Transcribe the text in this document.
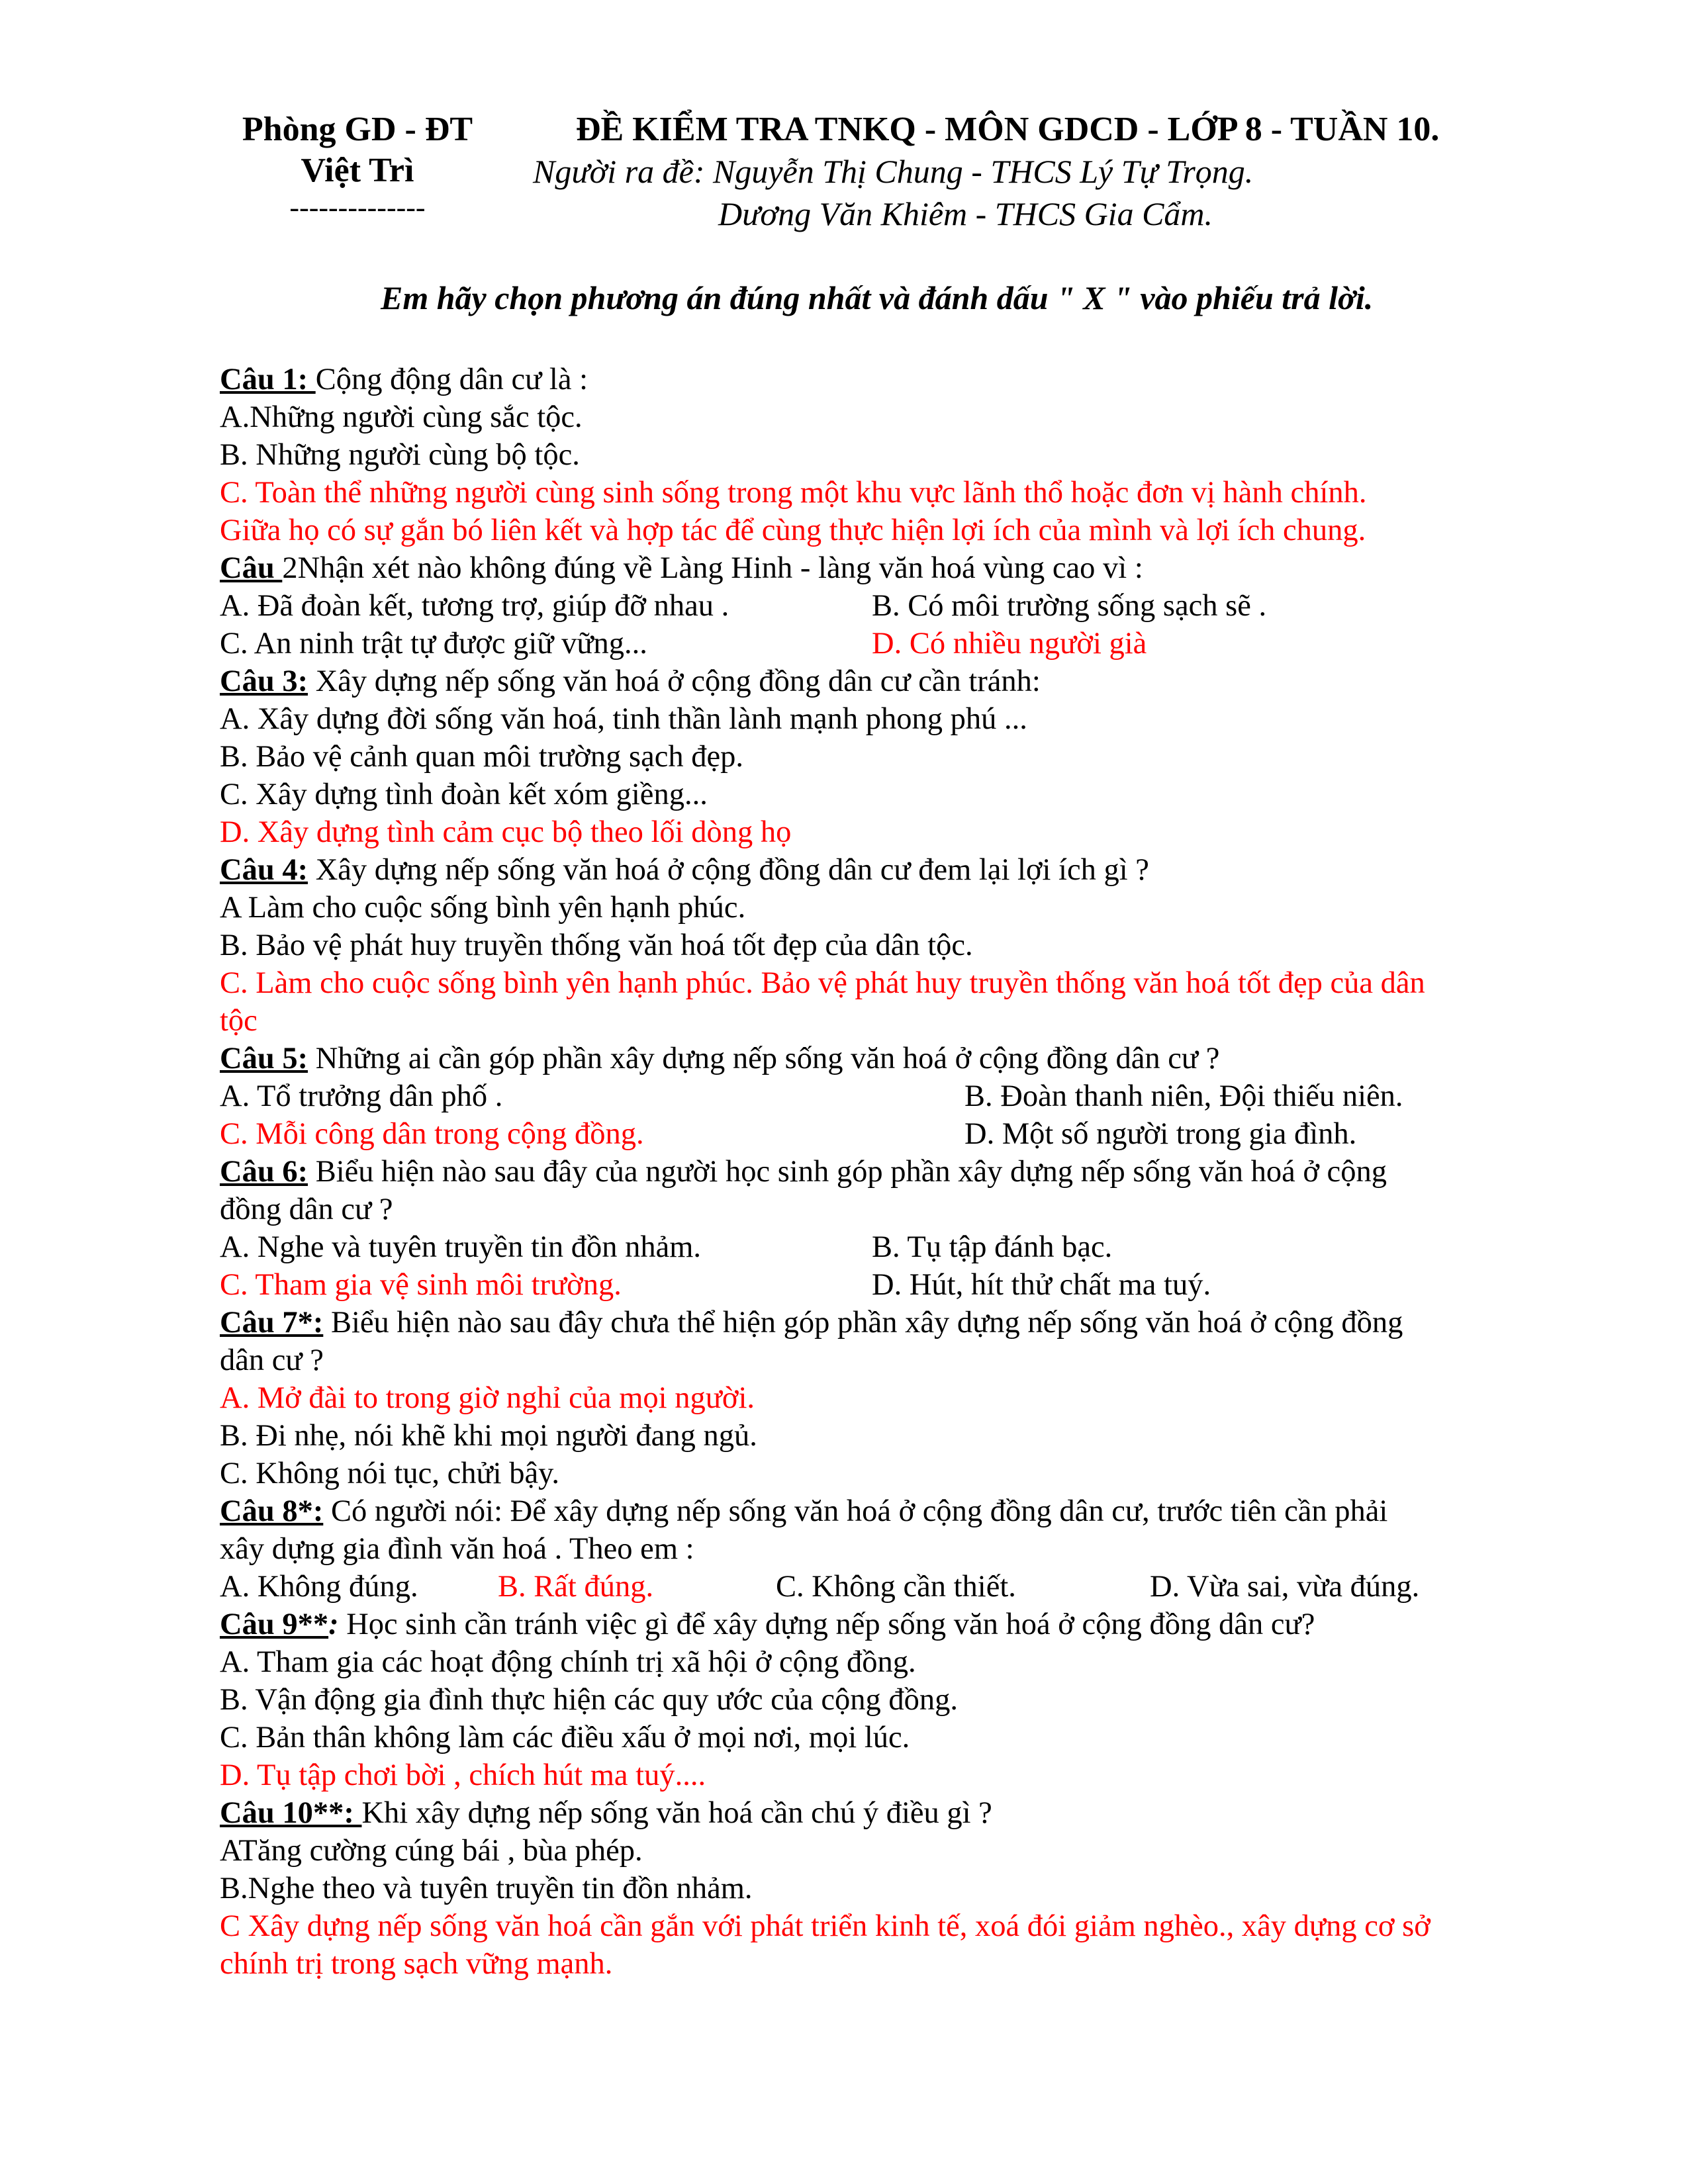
Phòng GD - ĐT
Việt Trì
--------------
ĐỀ KIỂM TRA TNKQ - MÔN GDCD - LỚP 8 - TUẦN 10.
Người ra đề: Nguyễn Thị Chung - THCS Lý Tự Trọng.
Dương Văn Khiêm - THCS Gia Cẩm.
Em hãy chọn phương án đúng nhất và đánh dấu " X " vào phiếu trả lời.
Câu 1: Cộng động dân cư là :
A.Những người cùng sắc tộc.
B. Những người cùng bộ tộc.
C. Toàn thể những người cùng sinh sống trong một khu vực lãnh thổ hoặc đơn vị hành chính.
Giữa họ có sự gắn bó liên kết và hợp tác để cùng thực hiện lợi ích của mình và lợi ích chung.
Câu 2Nhận xét nào không đúng về Làng Hinh - làng văn hoá vùng cao vì :
A. Đã đoàn kết, tương trợ, giúp đỡ nhau .	B. Có môi trường sống sạch sẽ .
C. An ninh trật tự được giữ vững...	D. Có nhiều người già
Câu 3: Xây dựng nếp sống văn hoá ở cộng đồng dân cư cần tránh:
A. Xây dựng đời sống văn hoá, tinh thần lành mạnh phong phú ...
B. Bảo vệ cảnh quan môi trường sạch đẹp.
C. Xây dựng tình đoàn kết xóm giềng...
D. Xây dựng tình cảm cục bộ theo lối dòng họ
Câu 4: Xây dựng nếp sống văn hoá ở cộng đồng dân cư đem lại lợi ích gì ?
A Làm cho cuộc sống bình yên hạnh phúc.
B. Bảo vệ phát huy truyền thống văn hoá tốt đẹp của dân tộc.
C. Làm cho cuộc sống bình yên hạnh phúc. Bảo vệ phát huy truyền thống văn hoá tốt đẹp của dân
tộc
Câu 5: Những ai cần góp phần xây dựng nếp sống văn hoá ở cộng đồng dân cư ?
A. Tổ trưởng dân phố .	B. Đoàn thanh niên, Đội thiếu niên.
C. Mỗi công dân trong cộng đồng.	D. Một số người trong gia đình.
Câu 6: Biểu hiện nào sau đây của người học sinh góp phần xây dựng nếp sống văn hoá ở cộng
đồng dân cư ?
A. Nghe và tuyên truyền tin đồn nhảm.	B. Tụ tập đánh bạc.
C. Tham gia vệ sinh môi trường.	D. Hút, hít thử chất ma tuý.
Câu 7*: Biểu hiện nào sau đây chưa thể hiện góp phần xây dựng nếp sống văn hoá ở cộng đồng
dân cư ?
A. Mở đài to trong giờ nghỉ của mọi người.
B. Đi nhẹ, nói khẽ khi mọi người đang ngủ.
C. Không nói tục, chửi bậy.
Câu 8*: Có người nói: Để xây dựng nếp sống văn hoá ở cộng đồng dân cư, trước tiên cần phải
xây dựng gia đình văn hoá . Theo em :
A. Không đúng.	B. Rất đúng.	C. Không cần thiết.	D. Vừa sai, vừa đúng.
Câu 9**: Học sinh cần tránh việc gì để xây dựng nếp sống văn hoá ở cộng đồng dân cư?
A. Tham gia các hoạt động chính trị xã hội ở cộng đồng.
B. Vận động gia đình thực hiện các quy ước của cộng đồng.
C. Bản thân không làm các điều xấu ở mọi nơi, mọi lúc.
D. Tụ tập chơi bời , chích hút ma tuý....
Câu 10**: Khi xây dựng nếp sống văn hoá cần chú ý điều gì ?
ATăng cường cúng bái , bùa phép.
B.Nghe theo và tuyên truyền tin đồn nhảm.
C Xây dựng nếp sống văn hoá cần gắn với phát triển kinh tế, xoá đói giảm nghèo., xây dựng cơ sở
chính trị trong sạch vững mạnh.
